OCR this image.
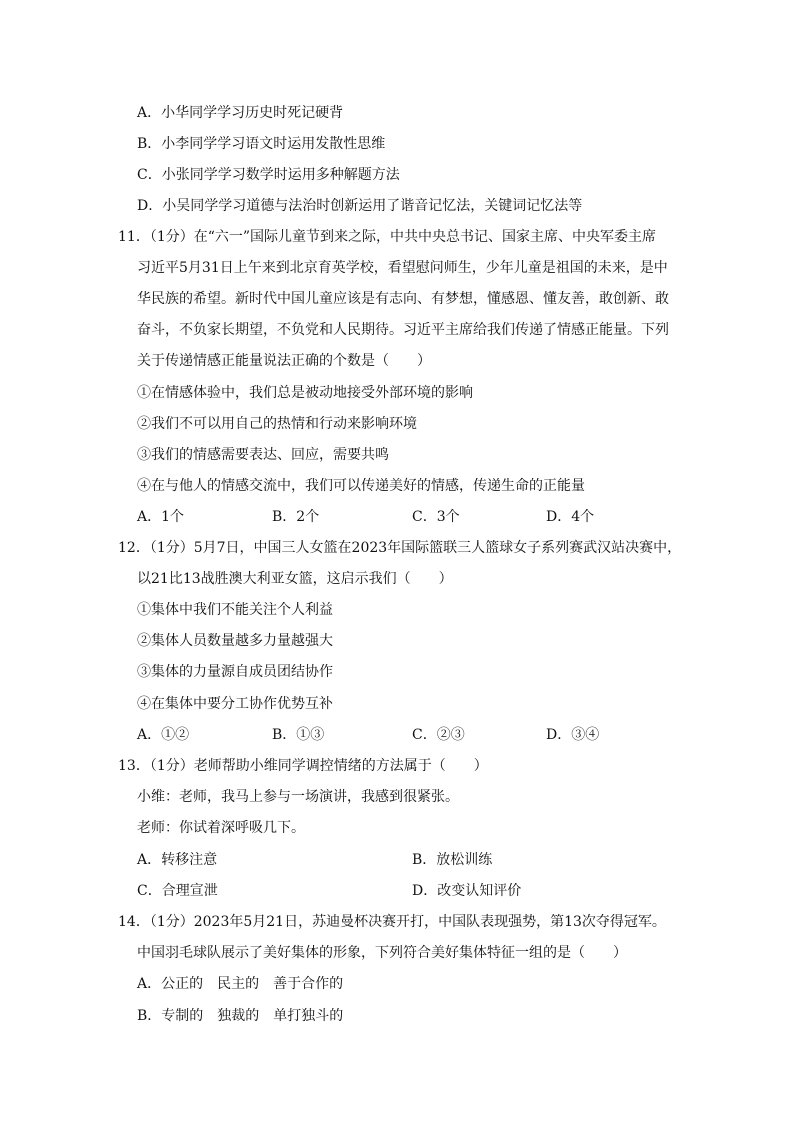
A．小华同学学习历史时死记硬背
B．小李同学学习语文时运用发散性思维
C．小张同学学习数学时运用多种解题方法
D．小吴同学学习道德与法治时创新运用了谐音记忆法，关键词记忆法等
11．（1分）在“六一”国际儿童节到来之际，中共中央总书记、国家主席、中央军委主席
习近平5月31日上午来到北京育英学校，看望慰问师生，少年儿童是祖国的未来，是中
华民族的希望。新时代中国儿童应该是有志向、有梦想，懂感恩、懂友善，敢创新、敢
奋斗，不负家长期望，不负党和人民期待。习近平主席给我们传递了情感正能量。下列
关于传递情感正能量说法正确的个数是（　　）
①在情感体验中，我们总是被动地接受外部环境的影响
②我们不可以用自己的热情和行动来影响环境
③我们的情感需要表达、回应，需要共鸣
④在与他人的情感交流中，我们可以传递美好的情感，传递生命的正能量
A．1个	B．2个	C．3个	D．4个
12．（1分）5月7日，中国三人女篮在2023年国际篮联三人篮球女子系列赛武汉站决赛中，
以21比13战胜澳大利亚女篮，这启示我们（　　）
①集体中我们不能关注个人利益
②集体人员数量越多力量越强大
③集体的力量源自成员团结协作
④在集体中要分工协作优势互补
A．①②	B．①③	C．②③	D．③④
13．（1分）老师帮助小维同学调控情绪的方法属于（　　）
小维：老师，我马上参与一场演讲，我感到很紧张。
老师：你试着深呼吸几下。
A．转移注意	B．放松训练
C．合理宣泄	D．改变认知评价
14．（1分）2023年5月21日，苏迪曼杯决赛开打，中国队表现强势，第13次夺得冠军。
中国羽毛球队展示了美好集体的形象，下列符合美好集体特征一组的是（　　）
A．公正的　民主的　善于合作的
B．专制的　独裁的　单打独斗的
